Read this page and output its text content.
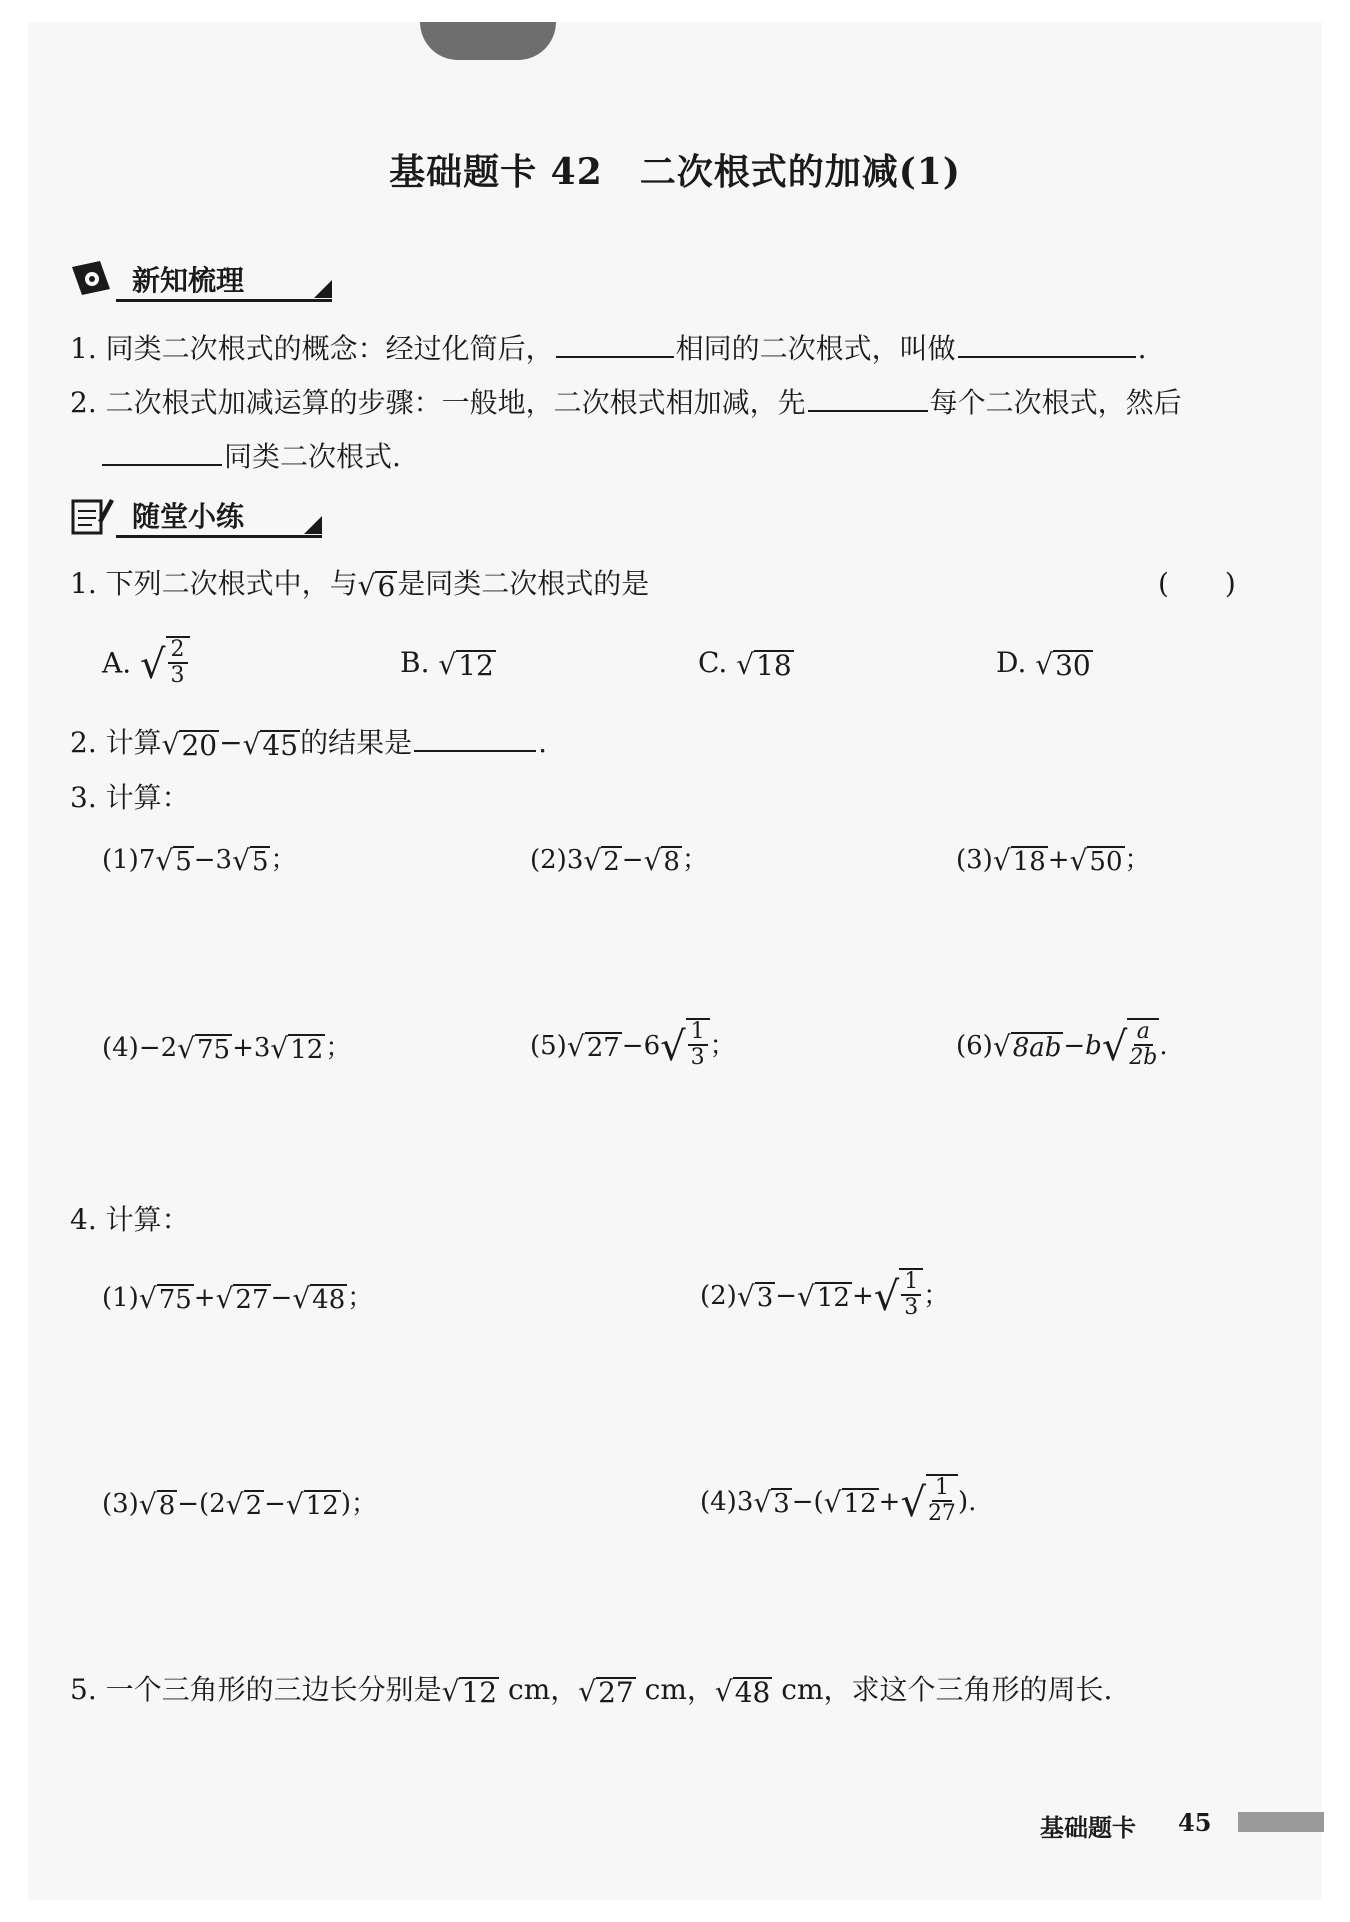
基础题卡 42　二次根式的加减(1)
新知梳理
1. 同类二次根式的概念：经过化简后，	相同的二次根式，叫做	.
2. 二次根式加减运算的步骤：一般地，二次根式相加减，先	每个二次根式，然后
同类二次根式.
随堂小练
1. 下列二次根式中，与 √ 6 是同类二次根式的是	(　　)
A. √ $\frac{2}{3}$	B. √ 12	C. √ 18	D. √ 30
2. 计算 √ 20 − √ 45 的结果是	.
3. 计算：
(1)7 √ 5 −3 √ 5 ；	(2)3 √ 2 − √ 8 ；	(3) √ 18 + √ 50 ；
(4)−2 √ 75 +3 √ 12 ；	(5) √ 27 −6 √ $\frac{1}{3}$ ；	(6) √ 8ab −b √ $\frac{a}{2b}$ .
4. 计算：
(1) √ 75 + √ 27 − √ 48 ；	(2) √ 3 − √ 12 + √ $\frac{1}{3}$ ；
(3) √ 8 −(2 √ 2 − √ 12 )；	(4)3 √ 3 −( √ 12 + √ $\frac{1}{27}$ ).
5. 一个三角形的三边长分别是 √ 12 cm， √ 27 cm， √ 48 cm，求这个三角形的周长.
基础题卡 45
